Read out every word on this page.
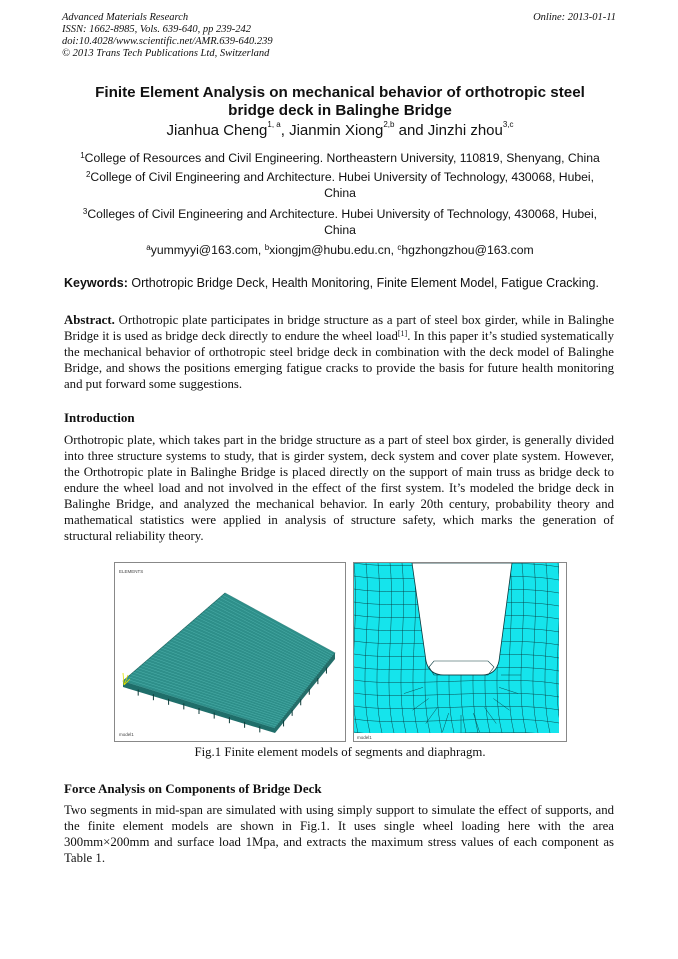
Advanced Materials Research
ISSN: 1662-8985, Vols. 639-640, pp 239-242
doi:10.4028/www.scientific.net/AMR.639-640.239
© 2013 Trans Tech Publications Ltd, Switzerland
Online: 2013-01-11
Finite Element Analysis on mechanical behavior of orthotropic steel
bridge deck in Balinghe Bridge
Jianhua Cheng$^{1, a}$, Jianmin Xiong$^{2,b}$ and Jinzhi zhou$^{3,c}$
$^1$College of Resources and Civil Engineering. Northeastern University, 110819, Shenyang, China
$^2$College of Civil Engineering and Architecture. Hubei University of Technology, 430068, Hubei,
China
$^3$Colleges of Civil Engineering and Architecture. Hubei University of Technology, 430068, Hubei,
China
$^a$yummyyi@163.com, $^b$xiongjm@hubu.edu.cn, $^c$hgzhongzhou@163.com
Keywords: Orthotropic Bridge Deck, Health Monitoring, Finite Element Model, Fatigue Cracking.
Abstract. Orthotropic plate participates in bridge structure as a part of steel box girder, while in Balinghe Bridge it is used as bridge deck directly to endure the wheel load[1]. In this paper it’s studied systematically the mechanical behavior of orthotropic steel bridge deck in combination with the deck model of Balinghe Bridge, and shows the positions emerging fatigue cracks to provide the basis for future health monitoring and put forward some suggestions.
Introduction
Orthotropic plate, which takes part in the bridge structure as a part of steel box girder, is generally divided into three structure systems to study, that is girder system, deck system and cover plate system. However, the Orthotropic plate in Balinghe Bridge is placed directly on the support of main truss as bridge deck to endure the wheel load and not involved in the effect of the first system. It’s modeled the bridge deck in Balinghe Bridge, and analyzed the mechanical behavior. In early 20th century, probability theory and mathematical statistics were applied in analysis of structure safety, which marks the generation of structural reliability theory.
ELEMENTS
model1
model1
Fig.1 Finite element models of segments and diaphragm.
Force Analysis on Components of Bridge Deck
Two segments in mid-span are simulated with using simply support to simulate the effect of supports, and the finite element models are shown in Fig.1. It uses single wheel loading here with the area 300mm×200mm and surface load 1Mpa, and extracts the maximum stress values of each component as Table 1.
